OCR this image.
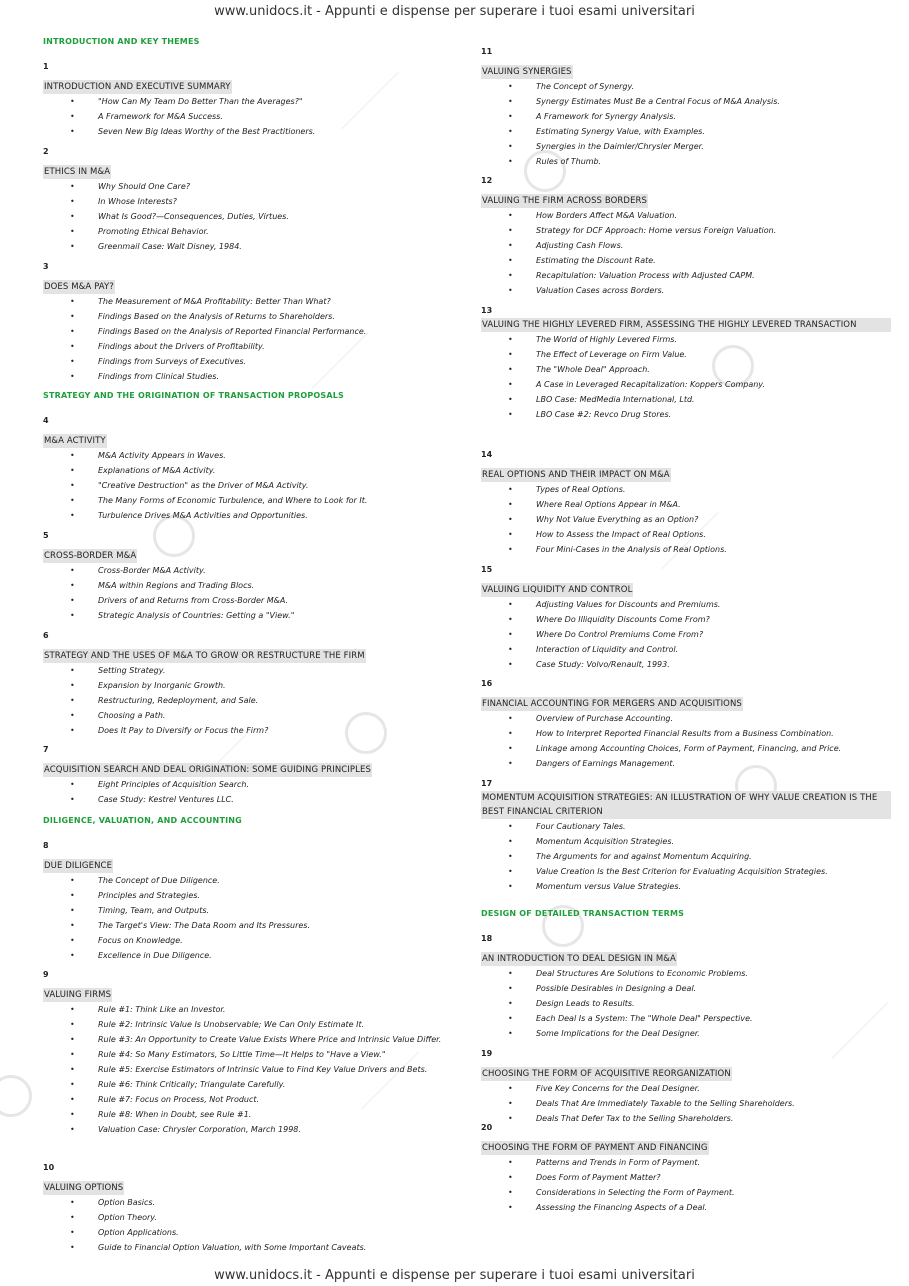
www.unidocs.it - Appunti e dispense per superare i tuoi esami universitari
www.unidocs.it - Appunti e dispense per superare i tuoi esami universitari
INTRODUCTION AND KEY THEMES
1
INTRODUCTION AND EXECUTIVE SUMMARY
• "How Can My Team Do Better Than the Averages?"
• A Framework for M&A Success.
• Seven New Big Ideas Worthy of the Best Practitioners.
2
ETHICS IN M&A
• Why Should One Care?
• In Whose Interests?
• What Is Good?—Consequences, Duties, Virtues.
• Promoting Ethical Behavior.
• Greenmail Case: Walt Disney, 1984.
3
DOES M&A PAY?
• The Measurement of M&A Profitability: Better Than What?
• Findings Based on the Analysis of Returns to Shareholders.
• Findings Based on the Analysis of Reported Financial Performance.
• Findings about the Drivers of Profitability.
• Findings from Surveys of Executives.
• Findings from Clinical Studies.
STRATEGY AND THE ORIGINATION OF TRANSACTION PROPOSALS
4
M&A ACTIVITY
• M&A Activity Appears in Waves.
• Explanations of M&A Activity.
• "Creative Destruction" as the Driver of M&A Activity.
• The Many Forms of Economic Turbulence, and Where to Look for It.
• Turbulence Drives M&A Activities and Opportunities.
5
CROSS-BORDER M&A
• Cross-Border M&A Activity.
• M&A within Regions and Trading Blocs.
• Drivers of and Returns from Cross-Border M&A.
• Strategic Analysis of Countries: Getting a "View."
6
STRATEGY AND THE USES OF M&A TO GROW OR RESTRUCTURE THE FIRM
• Setting Strategy.
• Expansion by Inorganic Growth.
• Restructuring, Redeployment, and Sale.
• Choosing a Path.
• Does It Pay to Diversify or Focus the Firm?
7
ACQUISITION SEARCH AND DEAL ORIGINATION: SOME GUIDING PRINCIPLES
• Eight Principles of Acquisition Search.
• Case Study: Kestrel Ventures LLC.
DILIGENCE, VALUATION, AND ACCOUNTING
8
DUE DILIGENCE
• The Concept of Due Diligence.
• Principles and Strategies.
• Timing, Team, and Outputs.
• The Target's View: The Data Room and Its Pressures.
• Focus on Knowledge.
• Excellence in Due Diligence.
9
VALUING FIRMS
• Rule #1: Think Like an Investor.
• Rule #2: Intrinsic Value Is Unobservable; We Can Only Estimate It.
• Rule #3: An Opportunity to Create Value Exists Where Price and Intrinsic Value Differ.
• Rule #4: So Many Estimators, So Little Time—It Helps to "Have a View."
• Rule #5: Exercise Estimators of Intrinsic Value to Find Key Value Drivers and Bets.
• Rule #6: Think Critically; Triangulate Carefully.
• Rule #7: Focus on Process, Not Product.
• Rule #8: When in Doubt, see Rule #1.
• Valuation Case: Chrysler Corporation, March 1998.
10
VALUING OPTIONS
• Option Basics.
• Option Theory.
• Option Applications.
• Guide to Financial Option Valuation, with Some Important Caveats.
11
VALUING SYNERGIES
• The Concept of Synergy.
• Synergy Estimates Must Be a Central Focus of M&A Analysis.
• A Framework for Synergy Analysis.
• Estimating Synergy Value, with Examples.
• Synergies in the Daimler/Chrysler Merger.
• Rules of Thumb.
12
VALUING THE FIRM ACROSS BORDERS
• How Borders Affect M&A Valuation.
• Strategy for DCF Approach: Home versus Foreign Valuation.
• Adjusting Cash Flows.
• Estimating the Discount Rate.
• Recapitulation: Valuation Process with Adjusted CAPM.
• Valuation Cases across Borders.
13
VALUING THE HIGHLY LEVERED FIRM, ASSESSING THE HIGHLY LEVERED TRANSACTION
• The World of Highly Levered Firms.
• The Effect of Leverage on Firm Value.
• The "Whole Deal" Approach.
• A Case in Leveraged Recapitalization: Koppers Company.
• LBO Case: MedMedia International, Ltd.
• LBO Case #2: Revco Drug Stores.
14
REAL OPTIONS AND THEIR IMPACT ON M&A
• Types of Real Options.
• Where Real Options Appear in M&A.
• Why Not Value Everything as an Option?
• How to Assess the Impact of Real Options.
• Four Mini-Cases in the Analysis of Real Options.
15
VALUING LIQUIDITY AND CONTROL
• Adjusting Values for Discounts and Premiums.
• Where Do Illiquidity Discounts Come From?
• Where Do Control Premiums Come From?
• Interaction of Liquidity and Control.
• Case Study: Volvo/Renault, 1993.
16
FINANCIAL ACCOUNTING FOR MERGERS AND ACQUISITIONS
• Overview of Purchase Accounting.
• How to Interpret Reported Financial Results from a Business Combination.
• Linkage among Accounting Choices, Form of Payment, Financing, and Price.
• Dangers of Earnings Management.
17
MOMENTUM ACQUISITION STRATEGIES: AN ILLUSTRATION OF WHY VALUE CREATION IS THE BEST FINANCIAL CRITERION
• Four Cautionary Tales.
• Momentum Acquisition Strategies.
• The Arguments for and against Momentum Acquiring.
• Value Creation Is the Best Criterion for Evaluating Acquisition Strategies.
• Momentum versus Value Strategies.
DESIGN OF DETAILED TRANSACTION TERMS
18
AN INTRODUCTION TO DEAL DESIGN IN M&A
• Deal Structures Are Solutions to Economic Problems.
• Possible Desirables in Designing a Deal.
• Design Leads to Results.
• Each Deal Is a System: The "Whole Deal" Perspective.
• Some Implications for the Deal Designer.
19
CHOOSING THE FORM OF ACQUISITIVE REORGANIZATION
• Five Key Concerns for the Deal Designer.
• Deals That Are Immediately Taxable to the Selling Shareholders.
• Deals That Defer Tax to the Selling Shareholders.
20
CHOOSING THE FORM OF PAYMENT AND FINANCING
• Patterns and Trends in Form of Payment.
• Does Form of Payment Matter?
• Considerations in Selecting the Form of Payment.
• Assessing the Financing Aspects of a Deal.
